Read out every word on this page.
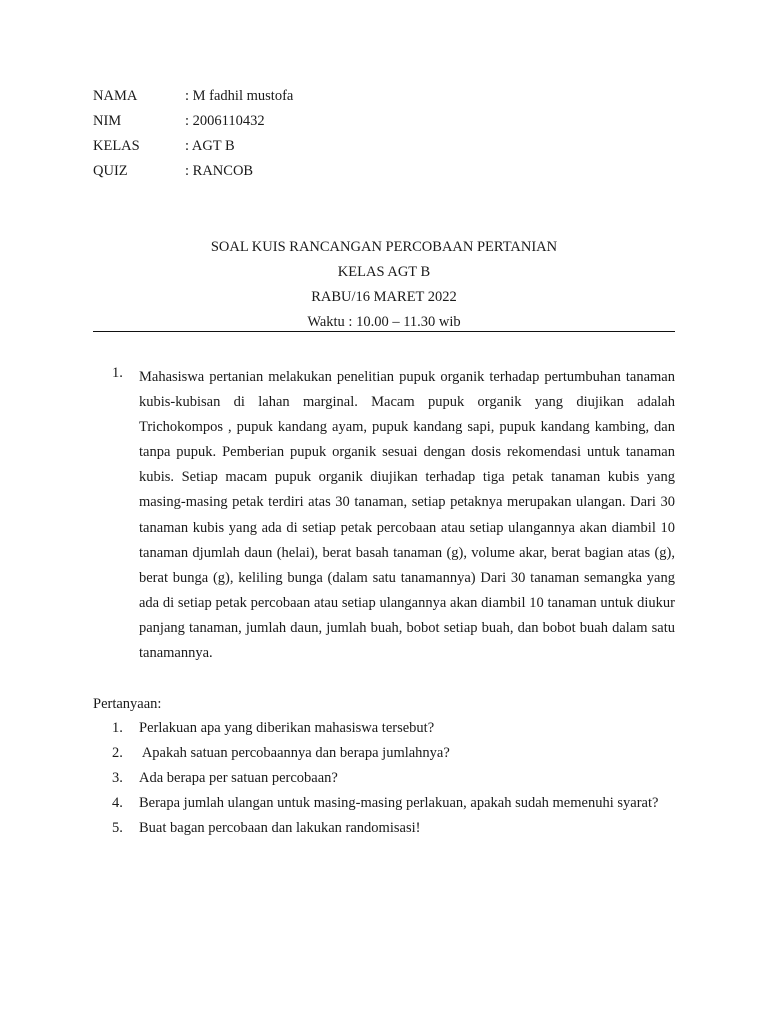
NAMA	: M fadhil mustofa
NIM	: 2006110432
KELAS	: AGT B
QUIZ	: RANCOB
SOAL KUIS RANCANGAN PERCOBAAN PERTANIAN
KELAS AGT B
RABU/16 MARET 2022
Waktu : 10.00 – 11.30 wib
1.	Mahasiswa pertanian melakukan penelitian pupuk organik terhadap pertumbuhan tanaman kubis-kubisan di lahan marginal. Macam pupuk organik yang diujikan adalah Trichokompos , pupuk kandang ayam, pupuk kandang sapi, pupuk kandang kambing, dan tanpa pupuk. Pemberian pupuk organik sesuai dengan dosis rekomendasi untuk tanaman kubis. Setiap macam pupuk organik diujikan terhadap tiga petak tanaman kubis yang masing-masing petak terdiri atas 30 tanaman, setiap petaknya merupakan ulangan. Dari 30 tanaman kubis yang ada di setiap petak percobaan atau setiap ulangannya akan diambil 10 tanaman djumlah daun (helai), berat basah tanaman (g), volume akar, berat bagian atas (g), berat bunga (g), keliling bunga (dalam satu tanamannya) Dari 30 tanaman semangka yang ada di setiap petak percobaan atau setiap ulangannya akan diambil 10 tanaman untuk diukur panjang tanaman, jumlah daun, jumlah buah, bobot setiap buah, dan bobot buah dalam satu tanamannya.
Pertanyaan:
1.	Perlakuan apa yang diberikan mahasiswa tersebut?
2.	Apakah satuan percobaannya dan berapa jumlahnya?
3.	Ada berapa per satuan percobaan?
4.	Berapa jumlah ulangan untuk masing-masing perlakuan, apakah sudah memenuhi syarat?
5.	Buat bagan percobaan dan lakukan randomisasi!
